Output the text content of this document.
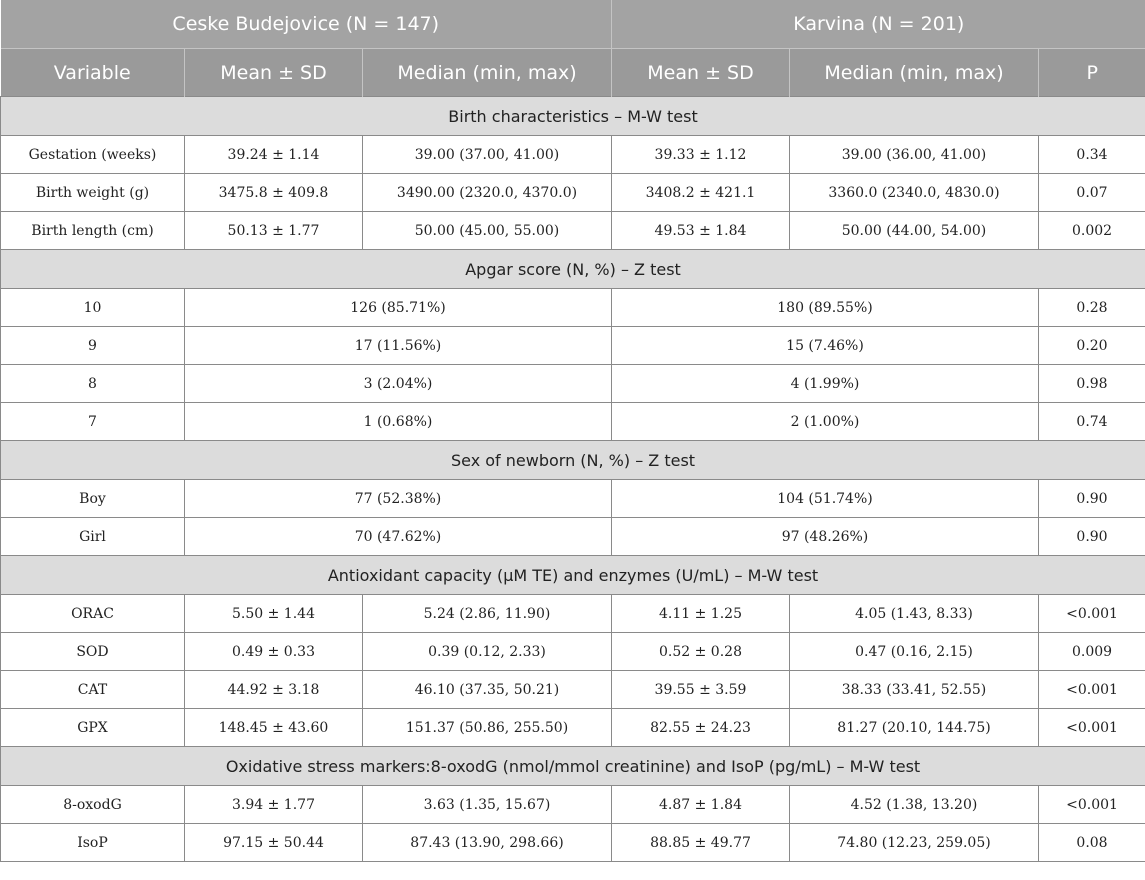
Ceske Budejovice (N = 147)			Karvina (N = 201)		
Variable	Mean ± SD	Median (min, max)	Mean ± SD	Median (min, max)	P
Birth characteristics – M-W test					
Gestation (weeks)	39.24 ± 1.14	39.00 (37.00, 41.00)	39.33 ± 1.12	39.00 (36.00, 41.00)	0.34
Birth weight (g)	3475.8 ± 409.8	3490.00 (2320.0, 4370.0)	3408.2 ± 421.1	3360.0 (2340.0, 4830.0)	0.07
Birth length (cm)	50.13 ± 1.77	50.00 (45.00, 55.00)	49.53 ± 1.84	50.00 (44.00, 54.00)	0.002
Apgar score (N, %) – Z test					
10	126 (85.71%)		180 (89.55%)		0.28
9	17 (11.56%)		15 (7.46%)		0.20
8	3 (2.04%)		4 (1.99%)		0.98
7	1 (0.68%)		2 (1.00%)		0.74
Sex of newborn (N, %) – Z test					
Boy	77 (52.38%)		104 (51.74%)		0.90
Girl	70 (47.62%)		97 (48.26%)		0.90
Antioxidant capacity (μM TE) and enzymes (U/mL) – M-W test					
ORAC	5.50 ± 1.44	5.24 (2.86, 11.90)	4.11 ± 1.25	4.05 (1.43, 8.33)	<0.001
SOD	0.49 ± 0.33	0.39 (0.12, 2.33)	0.52 ± 0.28	0.47 (0.16, 2.15)	0.009
CAT	44.92 ± 3.18	46.10 (37.35, 50.21)	39.55 ± 3.59	38.33 (33.41, 52.55)	<0.001
GPX	148.45 ± 43.60	151.37 (50.86, 255.50)	82.55 ± 24.23	81.27 (20.10, 144.75)	<0.001
Oxidative stress markers:8-oxodG (nmol/mmol creatinine) and IsoP (pg/mL) – M-W test					
8-oxodG	3.94 ± 1.77	3.63 (1.35, 15.67)	4.87 ± 1.84	4.52 (1.38, 13.20)	<0.001
IsoP	97.15 ± 50.44	87.43 (13.90, 298.66)	88.85 ± 49.77	74.80 (12.23, 259.05)	0.08
